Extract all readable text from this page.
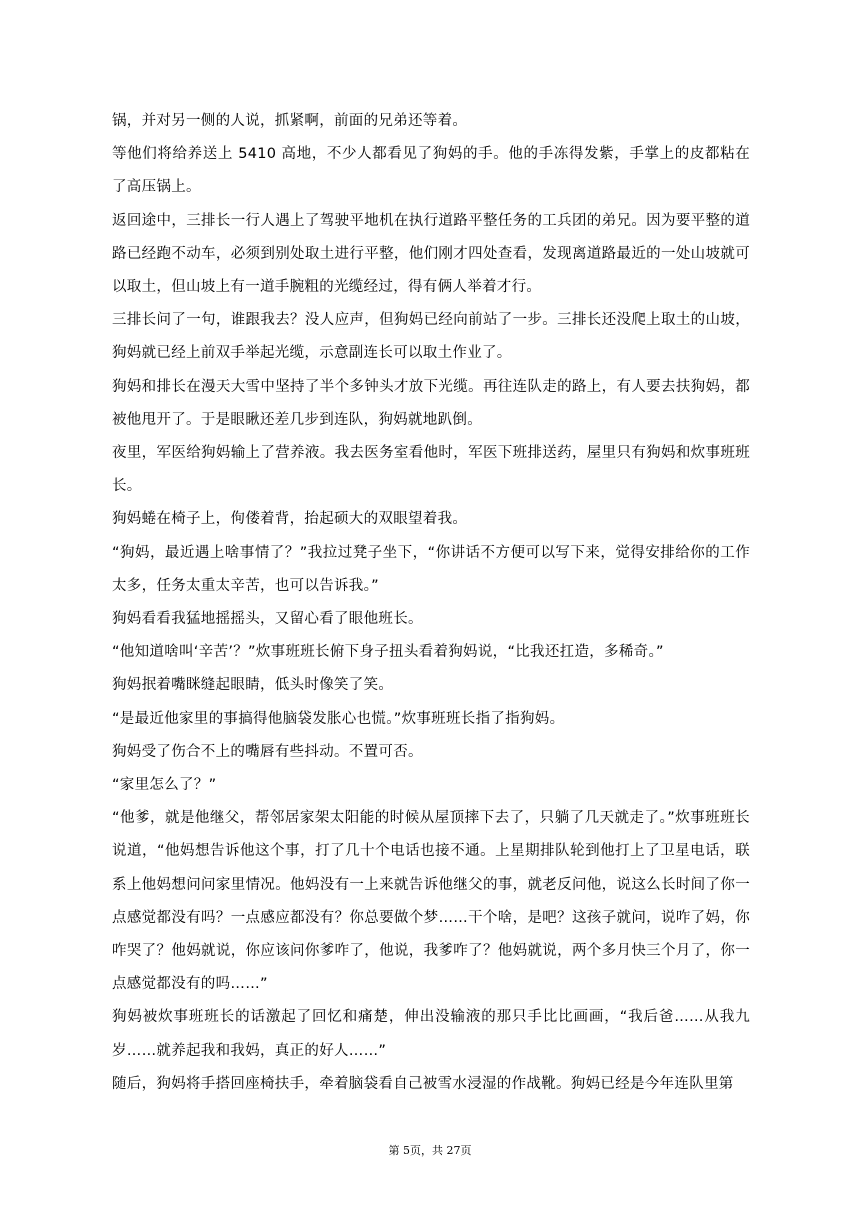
锅，并对另一侧的人说，抓紧啊，前面的兄弟还等着。

等他们将给养送上 5410 高地，不少人都看见了狗妈的手。他的手冻得发紫，手掌上的皮都粘在了高压锅上。

返回途中，三排长一行人遇上了驾驶平地机在执行道路平整任务的工兵团的弟兄。因为要平整的道路已经跑不动车，必须到别处取土进行平整，他们刚才四处查看，发现离道路最近的一处山坡就可以取土，但山坡上有一道手腕粗的光缆经过，得有俩人举着才行。

三排长问了一句，谁跟我去？没人应声，但狗妈已经向前站了一步。三排长还没爬上取土的山坡，狗妈就已经上前双手举起光缆，示意副连长可以取土作业了。

狗妈和排长在漫天大雪中坚持了半个多钟头才放下光缆。再往连队走的路上，有人要去扶狗妈，都被他甩开了。于是眼瞅还差几步到连队，狗妈就地趴倒。

夜里，军医给狗妈输上了营养液。我去医务室看他时，军医下班排送药，屋里只有狗妈和炊事班班长。

狗妈蜷在椅子上，佝偻着背，抬起硕大的双眼望着我。

“狗妈，最近遇上啥事情了？”我拉过凳子坐下，“你讲话不方便可以写下来，觉得安排给你的工作太多，任务太重太辛苦，也可以告诉我。”

狗妈看看我猛地摇摇头，又留心看了眼他班长。

“他知道啥叫‘辛苦’？”炊事班班长俯下身子扭头看着狗妈说，“比我还扛造，多稀奇。”

狗妈抿着嘴眯缝起眼睛，低头时像笑了笑。

“是最近他家里的事搞得他脑袋发胀心也慌。”炊事班班长指了指狗妈。

狗妈受了伤合不上的嘴唇有些抖动。不置可否。

“家里怎么了？”

“他爹，就是他继父，帮邻居家架太阳能的时候从屋顶摔下去了，只躺了几天就走了。”炊事班班长说道，“他妈想告诉他这个事，打了几十个电话也接不通。上星期排队轮到他打上了卫星电话，联系上他妈想问问家里情况。他妈没有一上来就告诉他继父的事，就老反问他，说这么长时间了你一点感觉都没有吗？一点感应都没有？你总要做个梦……干个啥，是吧？这孩子就问，说咋了妈，你咋哭了？他妈就说，你应该问你爹咋了，他说，我爹咋了？他妈就说，两个多月快三个月了，你一点感觉都没有的吗……”

狗妈被炊事班班长的话激起了回忆和痛楚，伸出没输液的那只手比比画画，“我后爸……从我九岁……就养起我和我妈，真正的好人……”

随后，狗妈将手搭回座椅扶手，牵着脑袋看自己被雪水浸湿的作战靴。狗妈已经是今年连队里第

第 5页，共 27页
